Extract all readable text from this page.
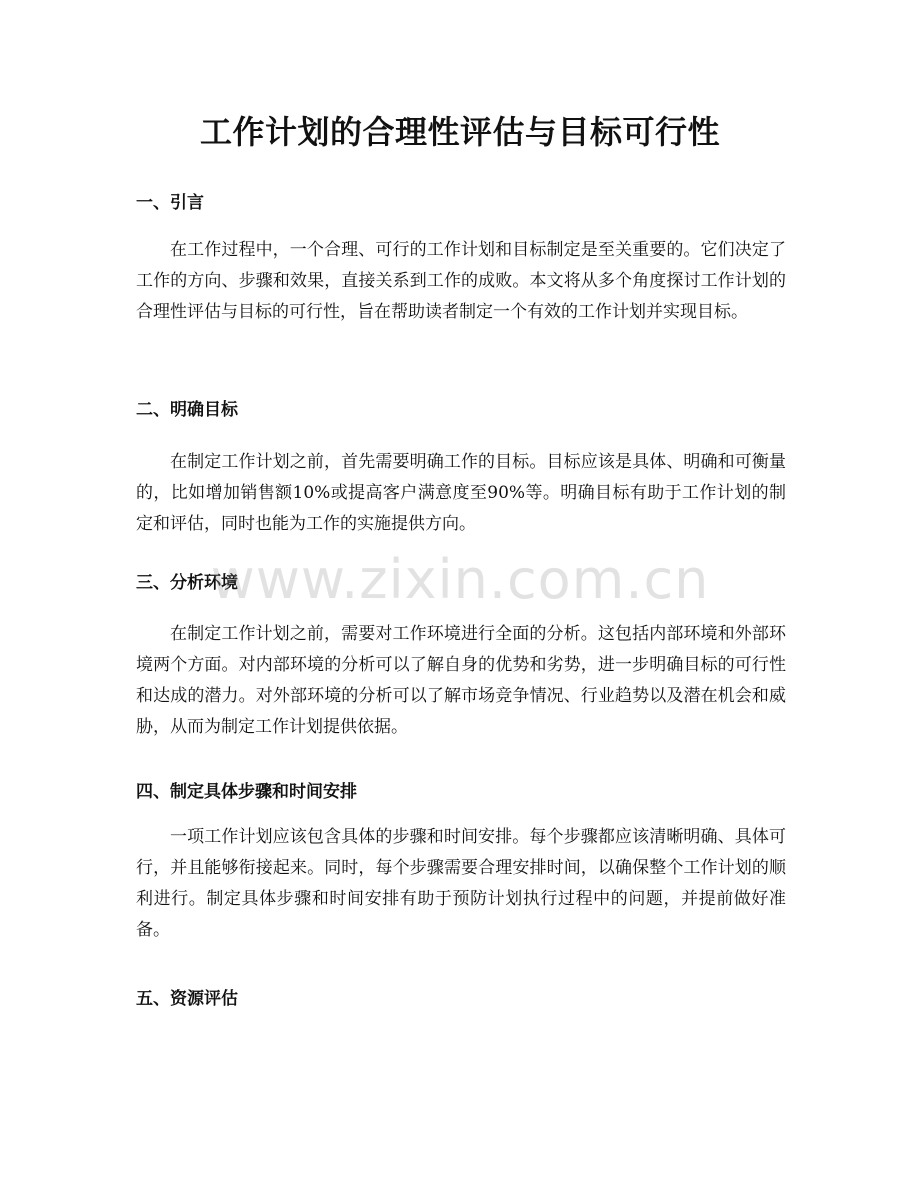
工作计划的合理性评估与目标可行性
一、引言

在工作过程中，一个合理、可行的工作计划和目标制定是至关重要的。它们决定了工作的方向、步骤和效果，直接关系到工作的成败。本文将从多个角度探讨工作计划的合理性评估与目标的可行性，旨在帮助读者制定一个有效的工作计划并实现目标。

二、明确目标

在制定工作计划之前，首先需要明确工作的目标。目标应该是具体、明确和可衡量的，比如增加销售额10%或提高客户满意度至90%等。明确目标有助于工作计划的制定和评估，同时也能为工作的实施提供方向。

三、分析环境

在制定工作计划之前，需要对工作环境进行全面的分析。这包括内部环境和外部环境两个方面。对内部环境的分析可以了解自身的优势和劣势，进一步明确目标的可行性和达成的潜力。对外部环境的分析可以了解市场竞争情况、行业趋势以及潜在机会和威胁，从而为制定工作计划提供依据。

四、制定具体步骤和时间安排

一项工作计划应该包含具体的步骤和时间安排。每个步骤都应该清晰明确、具体可行，并且能够衔接起来。同时，每个步骤需要合理安排时间，以确保整个工作计划的顺利进行。制定具体步骤和时间安排有助于预防计划执行过程中的问题，并提前做好准备。

五、资源评估
www.zixin.com.cn
